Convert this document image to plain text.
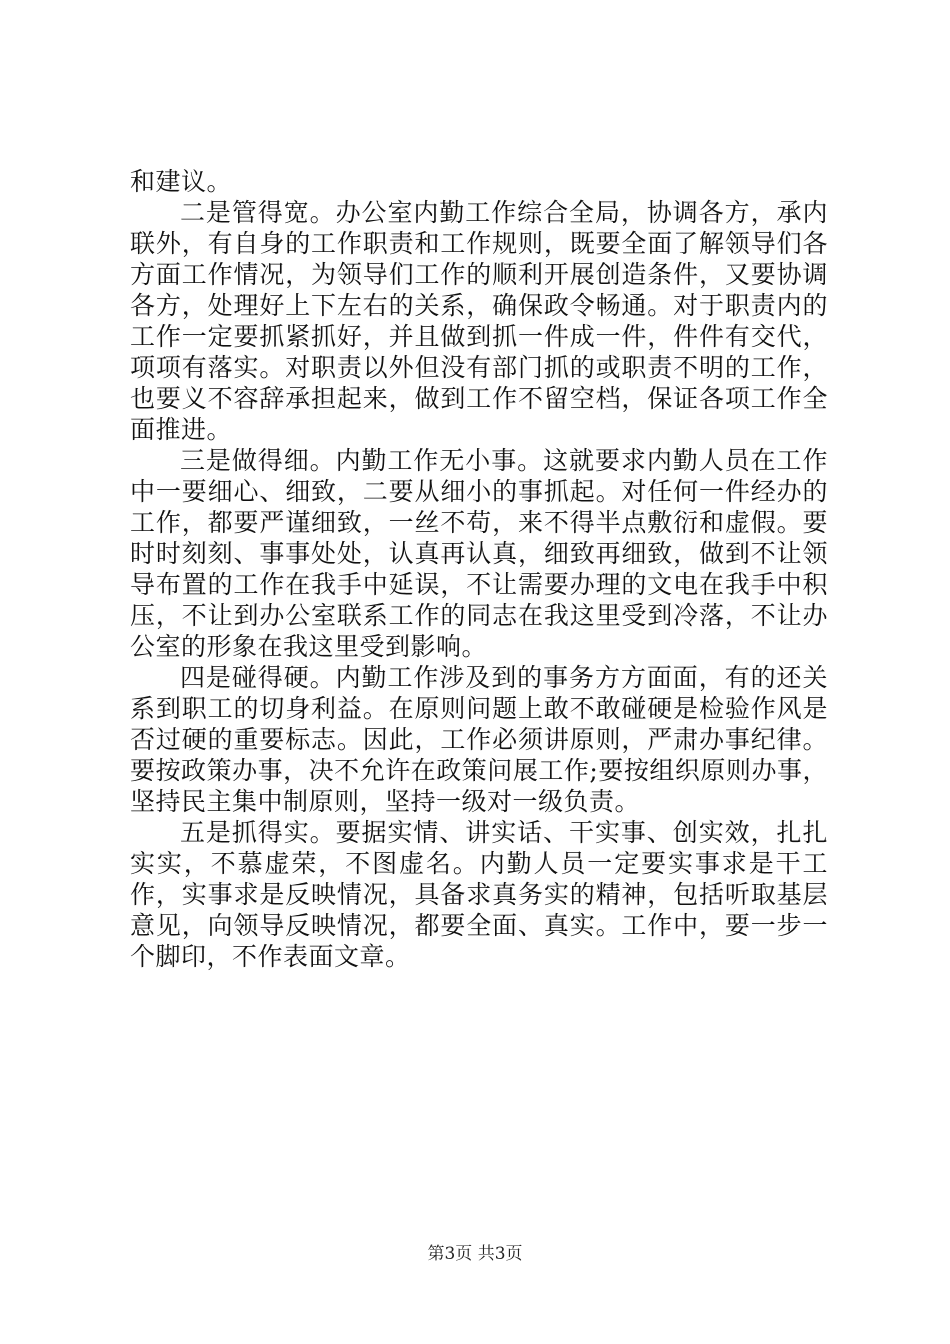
和建议。

二是管得宽。办公室内勤工作综合全局，协调各方，承内联外，有自身的工作职责和工作规则，既要全面了解领导们各方面工作情况，为领导们工作的顺利开展创造条件，又要协调各方，处理好上下左右的关系，确保政令畅通。对于职责内的工作一定要抓紧抓好，并且做到抓一件成一件，件件有交代，项项有落实。对职责以外但没有部门抓的或职责不明的工作，也要义不容辞承担起来，做到工作不留空档，保证各项工作全面推进。

三是做得细。内勤工作无小事。这就要求内勤人员在工作中一要细心、细致，二要从细小的事抓起。对任何一件经办的工作，都要严谨细致，一丝不苟，来不得半点敷衍和虚假。要时时刻刻、事事处处，认真再认真，细致再细致，做到不让领导布置的工作在我手中延误，不让需要办理的文电在我手中积压，不让到办公室联系工作的同志在我这里受到冷落，不让办公室的形象在我这里受到影响。

四是碰得硬。内勤工作涉及到的事务方方面面，有的还关系到职工的切身利益。在原则问题上敢不敢碰硬是检验作风是否过硬的重要标志。因此，工作必须讲原则，严肃办事纪律。要按政策办事，决不允许在政策问展工作;要按组织原则办事，坚持民主集中制原则，坚持一级对一级负责。

五是抓得实。要据实情、讲实话、干实事、创实效，扎扎实实，不慕虚荣，不图虚名。内勤人员一定要实事求是干工作，实事求是反映情况，具备求真务实的精神，包括听取基层意见，向领导反映情况，都要全面、真实。工作中，要一步一个脚印，不作表面文章。

第3页 共3页
